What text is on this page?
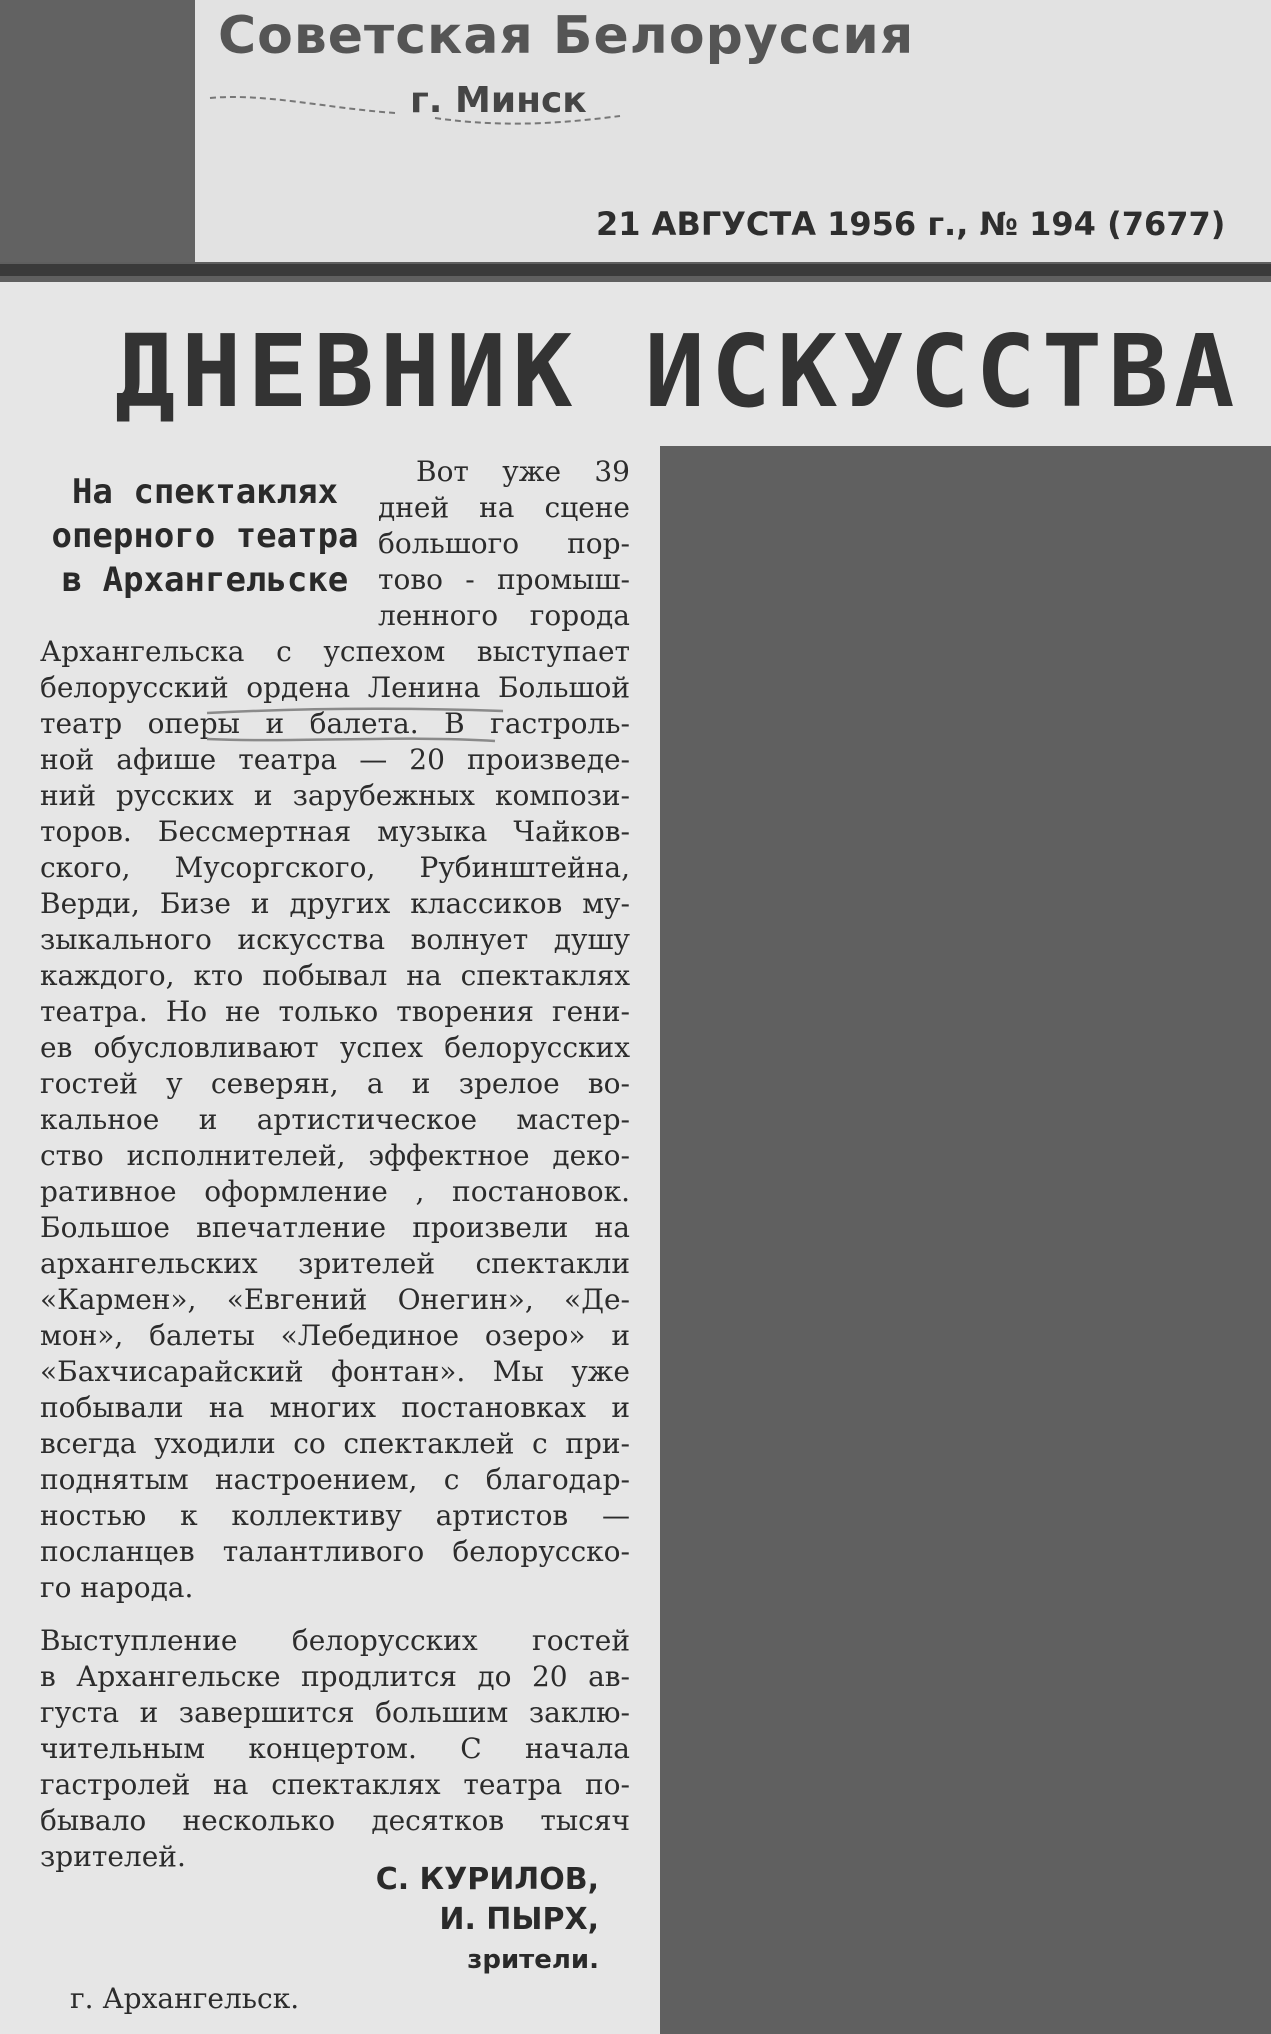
Советская Белоруссия
г. Минск
21 АВГУСТА 1956 г., № 194 (7677)
ДНЕВНИК ИСКУССТВА
На спектаклях
оперного театра
в Архангельске
Вот уже 39
дней на сцене
большого пор-
тово - промыш-
ленного города
Архангельска с успехом выступает
белорусский ордена Ленина Большой
театр оперы и балета. В гастроль-
ной афише театра — 20 произведе-
ний русских и зарубежных компози-
торов. Бессмертная музыка Чайков-
ского, Мусоргского, Рубинштейна,
Верди, Бизе и других классиков му-
зыкального искусства волнует душу
каждого, кто побывал на спектаклях
театра. Но не только творения гени-
ев обусловливают успех белорусских
гостей у северян, а и зрелое во-
кальное и артистическое мастер-
ство исполнителей, эффектное деко-
ративное оформление , постановок.
Большое впечатление произвели на
архангельских зрителей спектакли
«Кармен», «Евгений Онегин», «Де-
мон», балеты «Лебединое озеро» и
«Бахчисарайский фонтан». Мы уже
побывали на многих постановках и
всегда уходили со спектаклей с при-
поднятым настроением, с благодар-
ностью к коллективу артистов —
посланцев талантливого белорусско-
го народа.
Выступление белорусских гостей
в Архангельске продлится до 20 ав-
густа и завершится большим заклю-
чительным концертом. С начала
гастролей на спектаклях театра по-
бывало несколько десятков тысяч
зрителей.
С. КУРИЛОВ,
И. ПЫРХ,
зрители.
г. Архангельск.
